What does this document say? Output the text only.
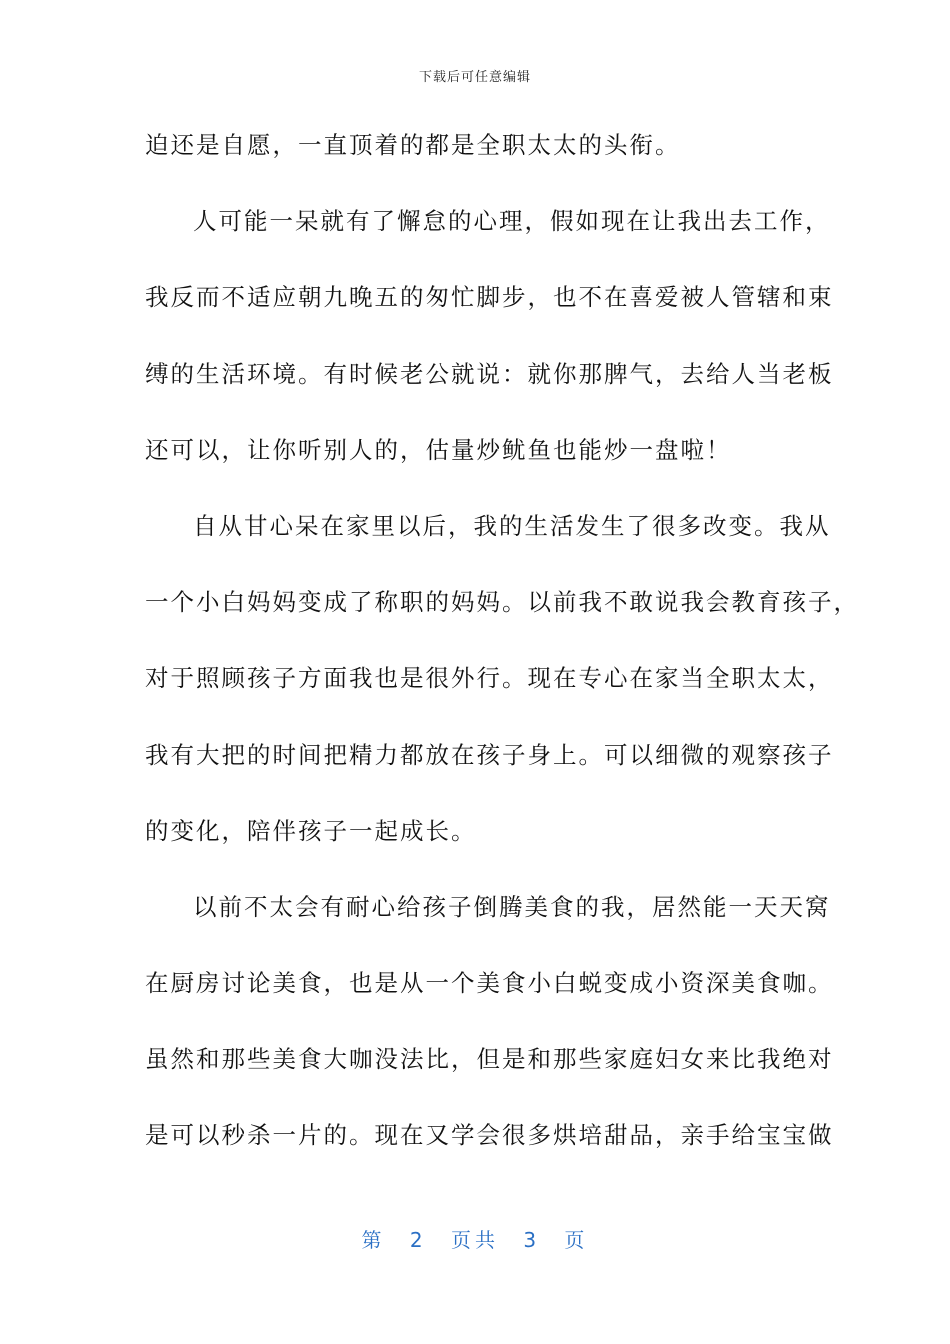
下载后可任意编辑
迫还是自愿，一直顶着的都是全职太太的头衔。
人可能一呆就有了懈怠的心理，假如现在让我出去工作，
我反而不适应朝九晚五的匆忙脚步，也不在喜爱被人管辖和束
缚的生活环境。有时候老公就说：就你那脾气，去给人当老板
还可以，让你听别人的，估量炒鱿鱼也能炒一盘啦！
自从甘心呆在家里以后，我的生活发生了很多改变。我从
一个小白妈妈变成了称职的妈妈。以前我不敢说我会教育孩子，
对于照顾孩子方面我也是很外行。现在专心在家当全职太太，
我有大把的时间把精力都放在孩子身上。可以细微的观察孩子
的变化，陪伴孩子一起成长。
以前不太会有耐心给孩子倒腾美食的我，居然能一天天窝
在厨房讨论美食，也是从一个美食小白蜕变成小资深美食咖。
虽然和那些美食大咖没法比，但是和那些家庭妇女来比我绝对
是可以秒杀一片的。现在又学会很多烘培甜品，亲手给宝宝做
第 2 页共 3 页
